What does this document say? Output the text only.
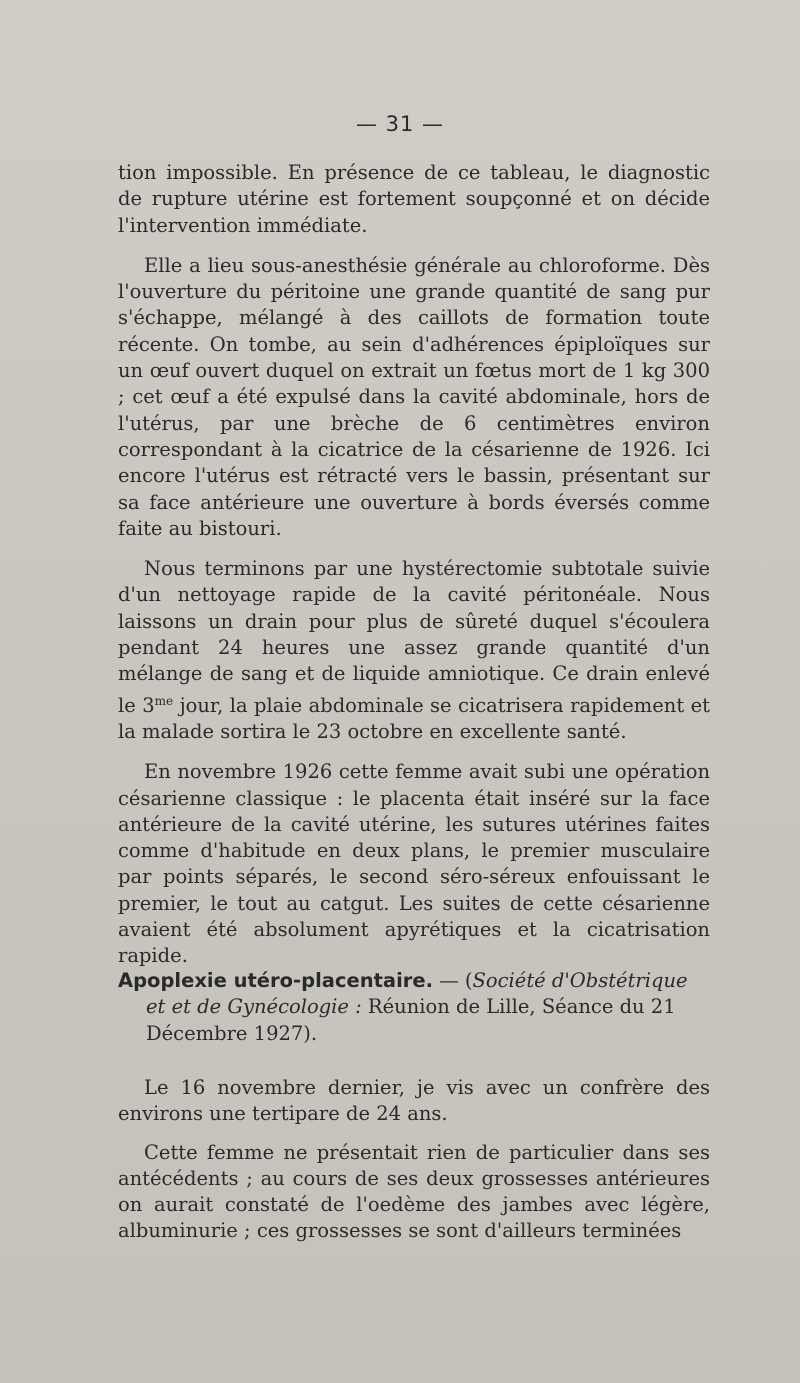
— 31 —

tion impossible. En présence de ce tableau, le diagnostic de rupture utérine est fortement soupçonné et on décide l'intervention immédiate.

Elle a lieu sous-anesthésie générale au chloroforme. Dès l'ouverture du péritoine une grande quantité de sang pur s'échappe, mélangé à des caillots de formation toute récente. On tombe, au sein d'adhérences épiploïques sur un œuf ouvert duquel on extrait un fœtus mort de 1 kg 300 ; cet œuf a été expulsé dans la cavité abdominale, hors de l'utérus, par une brèche de 6 centimètres environ correspondant à la cicatrice de la césarienne de 1926. Ici encore l'utérus est rétracté vers le bassin, présentant sur sa face antérieure une ouverture à bords éversés comme faite au bistouri.

Nous terminons par une hystérectomie subtotale suivie d'un nettoyage rapide de la cavité péritonéale. Nous laissons un drain pour plus de sûreté duquel s'écoulera pendant 24 heures une assez grande quantité d'un mélange de sang et de liquide amniotique. Ce drain enlevé le $3^{me}$ jour, la plaie abdominale se cicatrisera rapidement et la malade sortira le 23 octobre en excellente santé.

En novembre 1926 cette femme avait subi une opération césarienne classique : le placenta était inséré sur la face antérieure de la cavité utérine, les sutures utérines faites comme d'habitude en deux plans, le premier musculaire par points séparés, le second séro-séreux enfouissant le premier, le tout au catgut. Les suites de cette césarienne avaient été absolument apyrétiques et la cicatrisation rapide.

Apoplexie utéro-placentaire. — (Société d'Obstétrique et et de Gynécologie : Réunion de Lille, Séance du 21 Décembre 1927).

Le 16 novembre dernier, je vis avec un confrère des environs une tertipare de 24 ans.

Cette femme ne présentait rien de particulier dans ses antécédents ; au cours de ses deux grossesses antérieures on aurait constaté de l'oedème des jambes avec légère, albuminurie ; ces grossesses se sont d'ailleurs terminées
